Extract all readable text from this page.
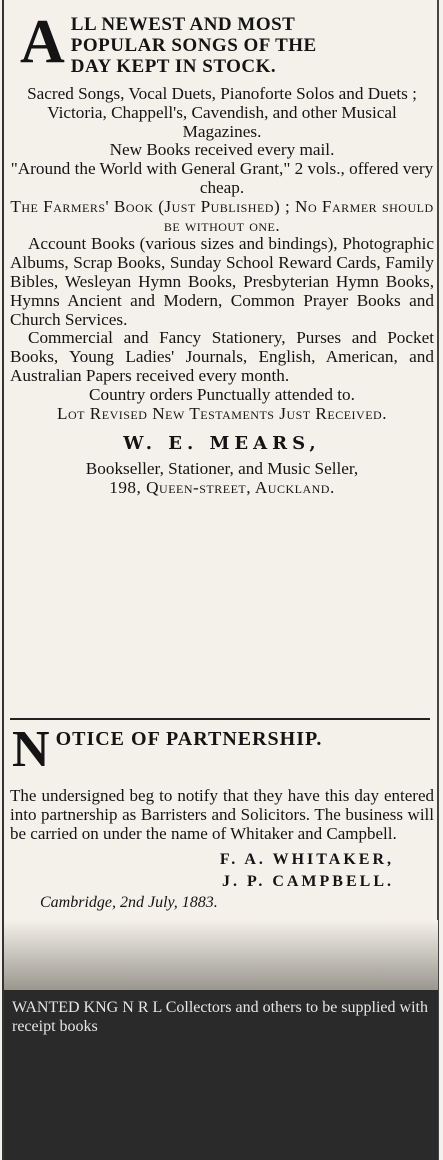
A LL NEWEST AND MOST
POPULAR SONGS OF THE
DAY KEPT IN STOCK.

Sacred Songs, Vocal Duets, Pianoforte Solos and Duets ; Victoria, Chappell's, Cavendish, and other Musical Magazines.

New Books received every mail.

"Around the World with General Grant," 2 vols., offered very cheap.

The Farmers' Book (Just Published) ; No Farmer should be without one.

Account Books (various sizes and bindings), Photographic Albums, Scrap Books, Sunday School Reward Cards, Family Bibles, Wesleyan Hymn Books, Presbyterian Hymn Books, Hymns Ancient and Modern, Common Prayer Books and Church Services.

Commercial and Fancy Stationery, Purses and Pocket Books, Young Ladies' Journals, English, American, and Australian Papers received every month.

Country orders Punctually attended to.

Lot Revised New Testaments Just Received.

W. E. MEARS,

Bookseller, Stationer, and Music Seller,

198, Queen-street, Auckland.

N OTICE OF PARTNERSHIP.

The undersigned beg to notify that they have this day entered into partnership as Barristers and Solicitors. The business will be carried on under the name of Whitaker and Campbell.

F. A. WHITAKER,
J. P. CAMPBELL.
Cambridge, 2nd July, 1883.
WANTED KNG N R L Collectors and others to be supplied with receipt books
